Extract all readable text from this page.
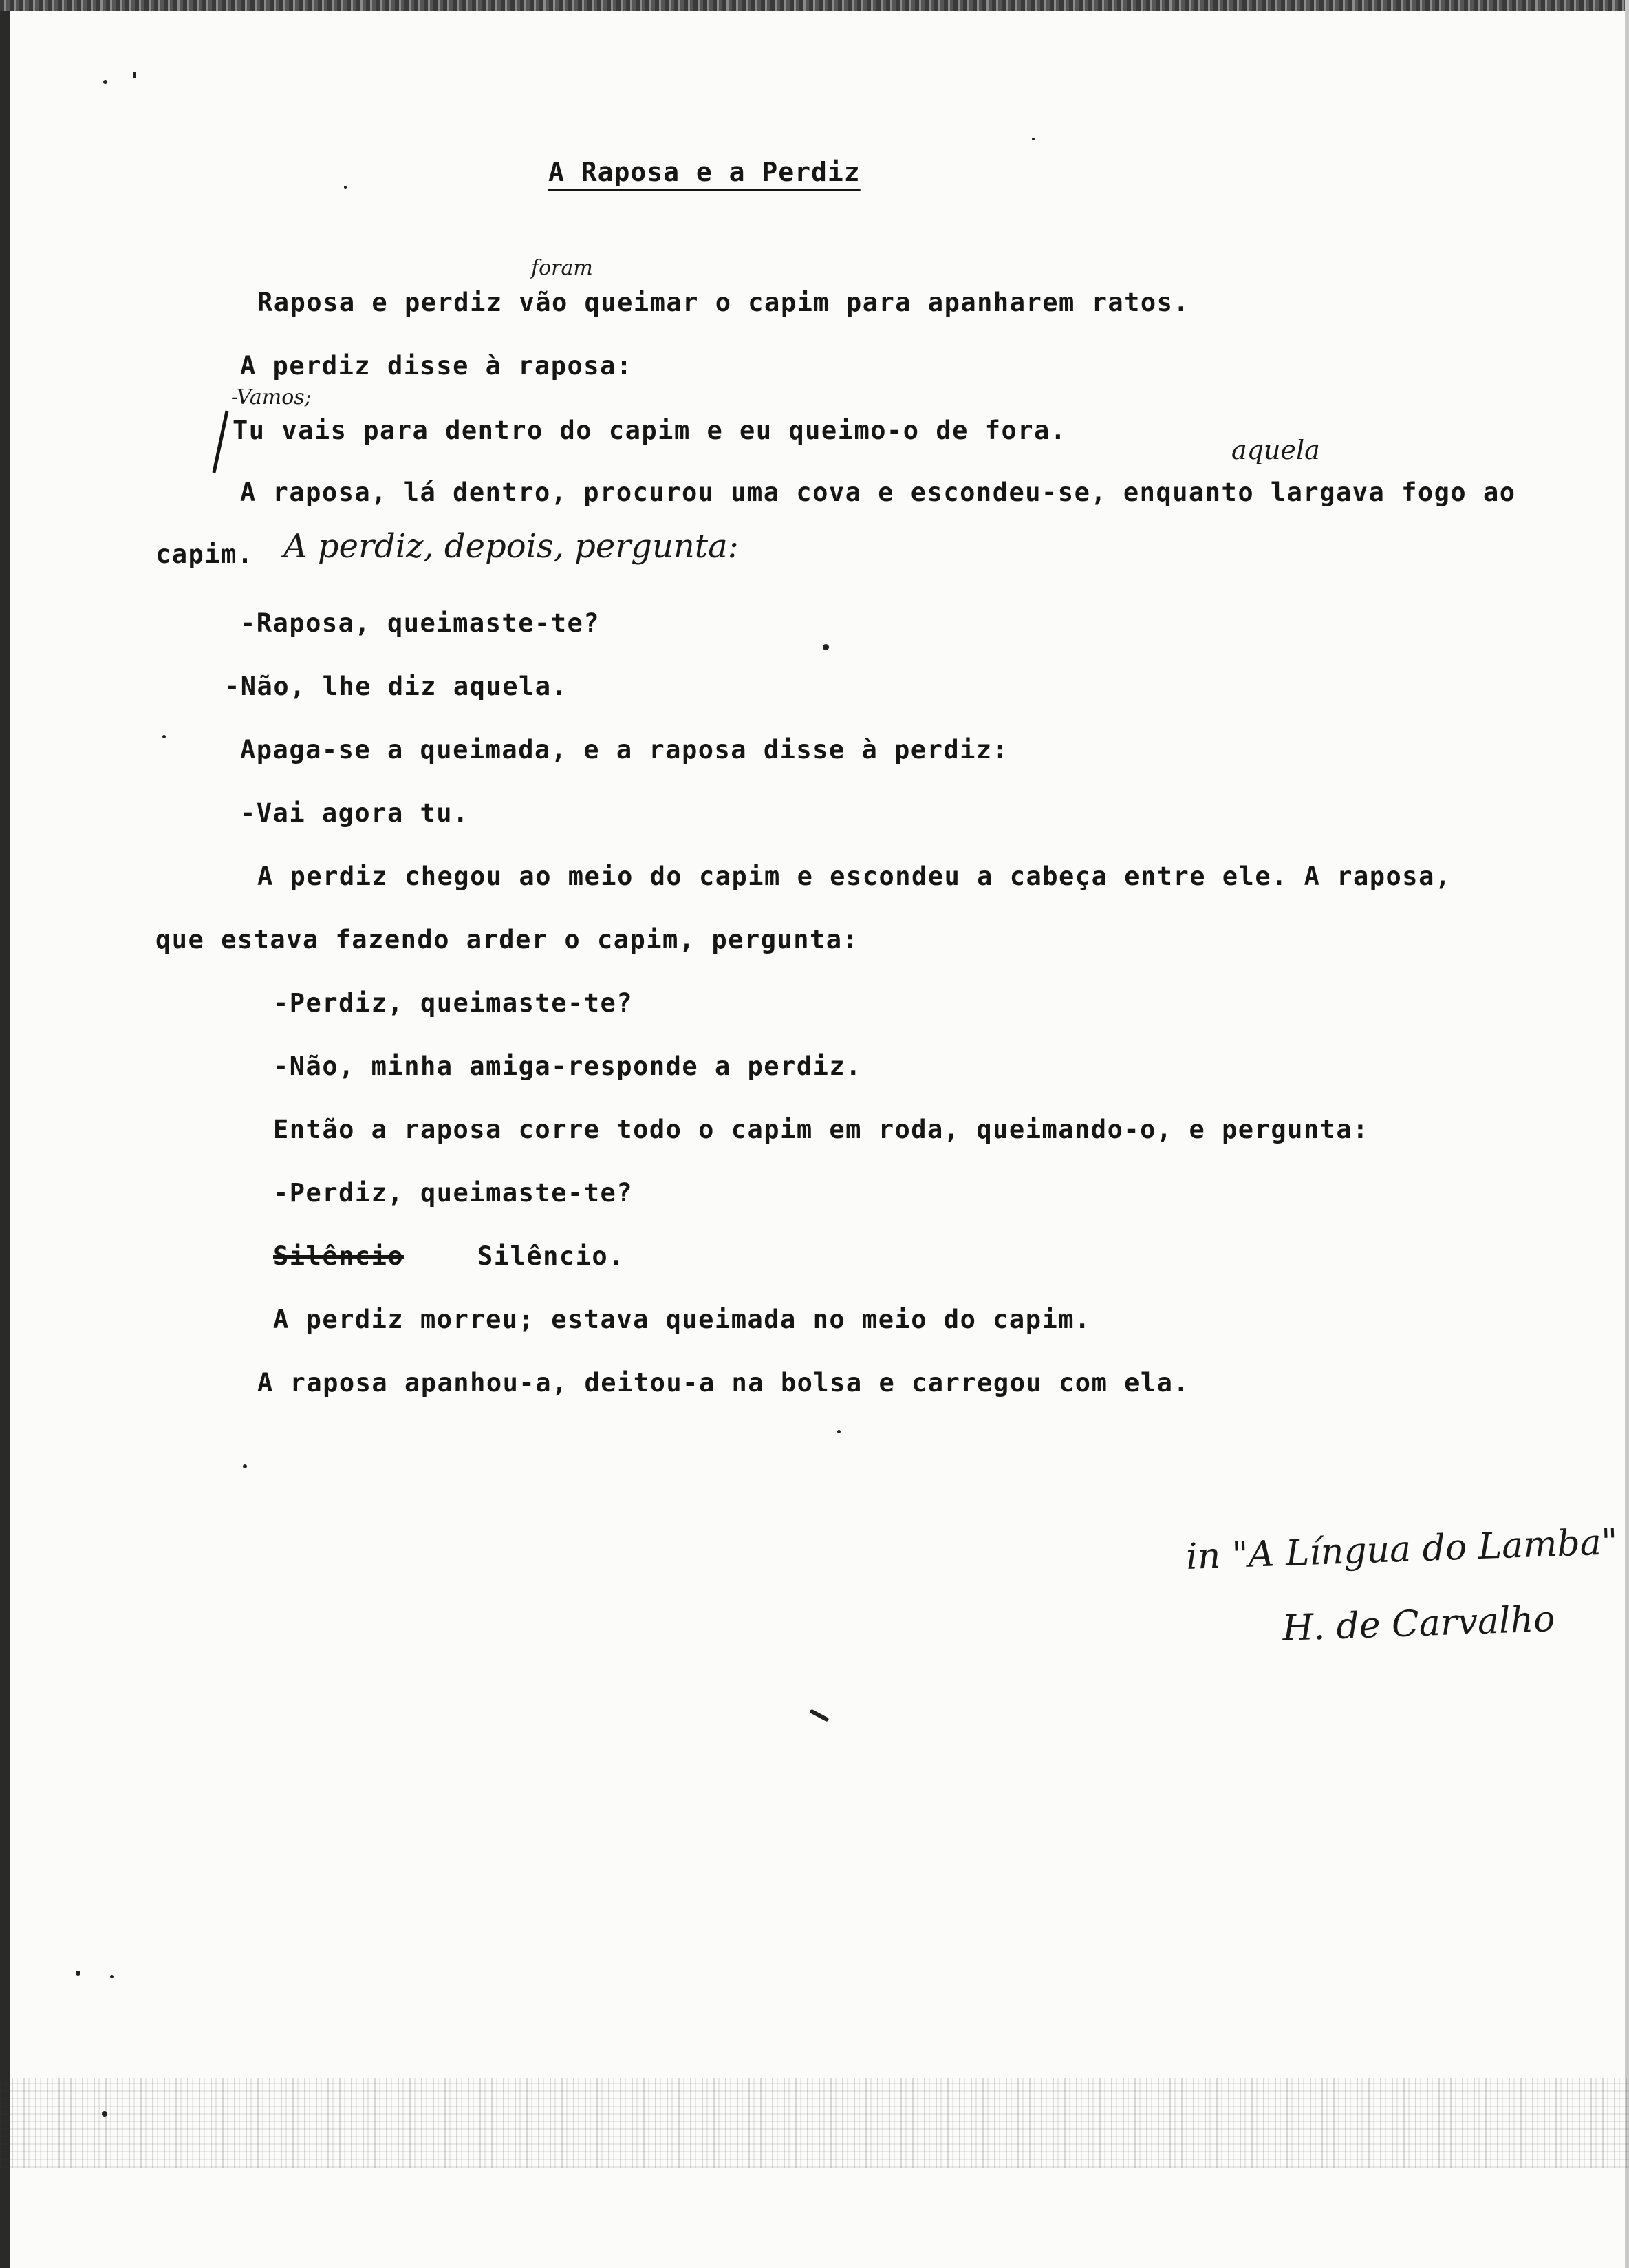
A Raposa e a Perdiz
Raposa e perdiz vão queimar o capim para apanharem ratos.
foram
A perdiz disse à raposa:
-Vamos;
Tu vais para dentro do capim e eu queimo-o de fora.
aquela
A raposa, lá dentro, procurou uma cova e escondeu-se, enquanto largava fogo ao
capim. A perdiz, depois, pergunta:
-Raposa, queimaste-te?
-Não, lhe diz aquela.
Apaga-se a queimada, e a raposa disse à perdiz:
-Vai agora tu.
A perdiz chegou ao meio do capim e escondeu a cabeça entre ele. A raposa,
que estava fazendo arder o capim, pergunta:
-Perdiz, queimaste-te?
-Não, minha amiga-responde a perdiz.
Então a raposa corre todo o capim em roda, queimando-o, e pergunta:
-Perdiz, queimaste-te?
Silêncio	Silêncio.
A perdiz morreu; estava queimada no meio do capim.
A raposa apanhou-a, deitou-a na bolsa e carregou com ela.
in "A Língua do Lamba"
H. de Carvalho
